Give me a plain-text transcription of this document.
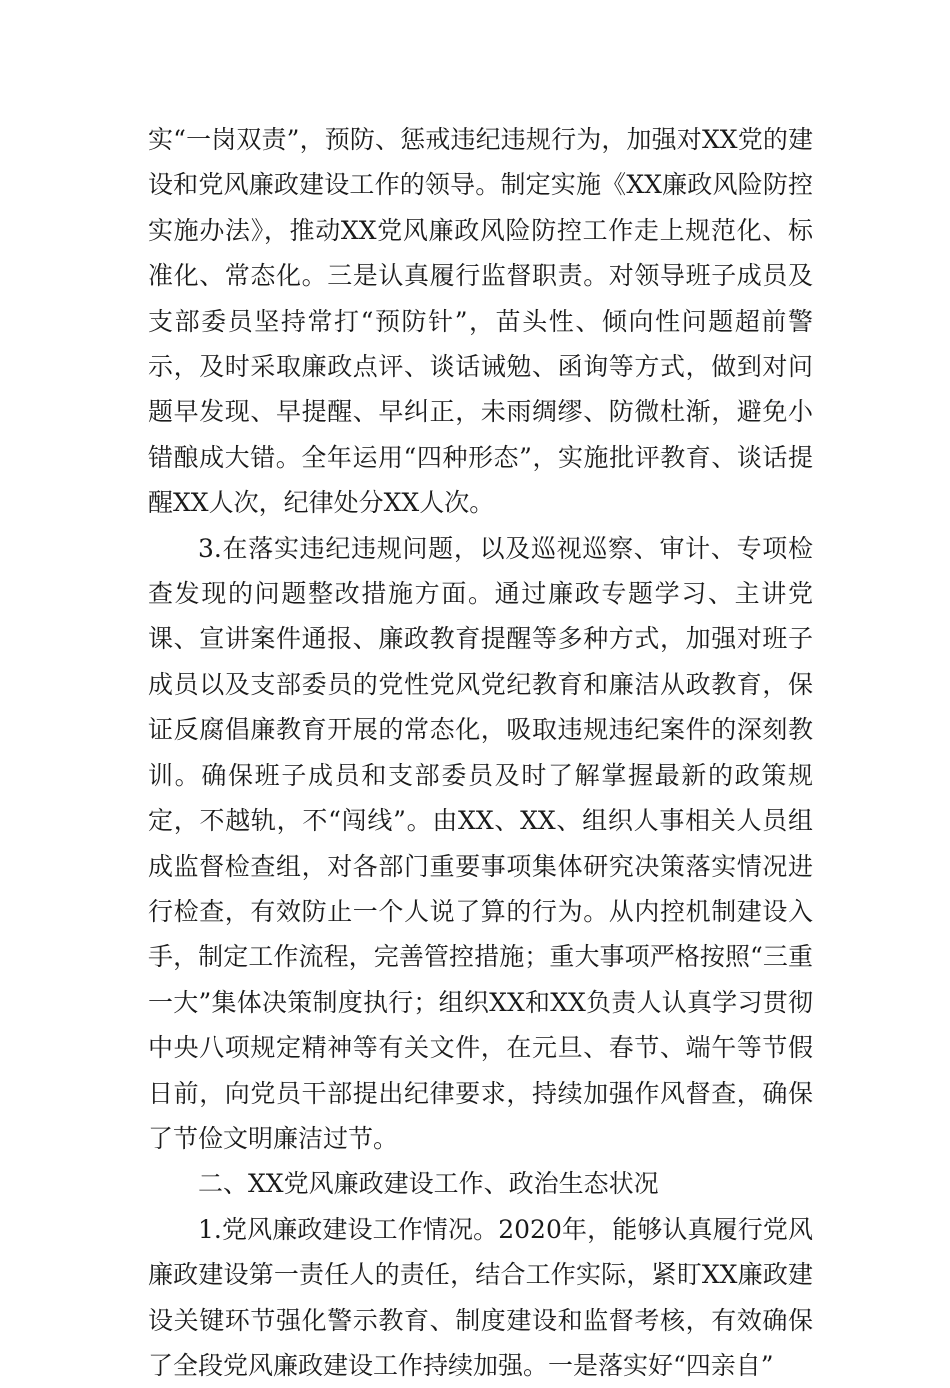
实“一岗双责”，预防、惩戒违纪违规行为，加强对XX党的建设和党风廉政建设工作的领导。制定实施《XX廉政风险防控实施办法》，推动XX党风廉政风险防控工作走上规范化、标准化、常态化。三是认真履行监督职责。对领导班子成员及支部委员坚持常打“预防针”，苗头性、倾向性问题超前警示，及时采取廉政点评、谈话诫勉、函询等方式，做到对问题早发现、早提醒、早纠正，未雨绸缪、防微杜渐，避免小错酿成大错。全年运用“四种形态”，实施批评教育、谈话提醒XX人次，纪律处分XX人次。

3.在落实违纪违规问题，以及巡视巡察、审计、专项检查发现的问题整改措施方面。通过廉政专题学习、主讲党课、宣讲案件通报、廉政教育提醒等多种方式，加强对班子成员以及支部委员的党性党风党纪教育和廉洁从政教育，保证反腐倡廉教育开展的常态化，吸取违规违纪案件的深刻教训。确保班子成员和支部委员及时了解掌握最新的政策规定，不越轨，不“闯线”。由XX、XX、组织人事相关人员组成监督检查组，对各部门重要事项集体研究决策落实情况进行检查，有效防止一个人说了算的行为。从内控机制建设入手，制定工作流程，完善管控措施；重大事项严格按照“三重一大”集体决策制度执行；组织XX和XX负责人认真学习贯彻中央八项规定精神等有关文件，在元旦、春节、端午等节假日前，向党员干部提出纪律要求，持续加强作风督查，确保了节俭文明廉洁过节。

二、XX党风廉政建设工作、政治生态状况

1.党风廉政建设工作情况。2020年，能够认真履行党风廉政建设第一责任人的责任，结合工作实际，紧盯XX廉政建设关键环节强化警示教育、制度建设和监督考核，有效确保了全段党风廉政建设工作持续加强。一是落实好“四亲自”
